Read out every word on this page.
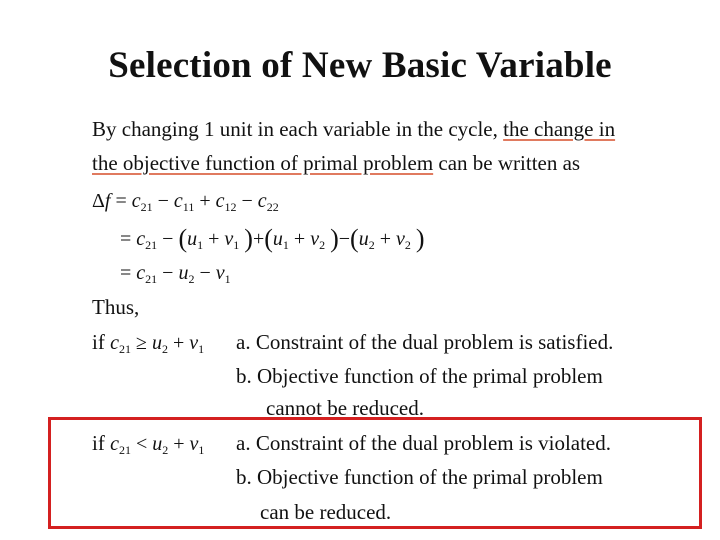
Selection of New Basic Variable
By changing 1 unit in each variable in the cycle, the change in
the objective function of primal problem can be written as
$\Delta f = c_{21} - c_{11} + c_{12} - c_{22}$
= $c_{21} - (u_1 + v_1$ )$+(u_1 + v_2$ )$-(u_2 + v_2$ )
= $c_{21} - u_2 - v_1$
Thus,
if $c_{21} \ge u_2 + v_1$ a. Constraint of the dual problem is satisfied.
b. Objective function of the primal problem
cannot be reduced.
if $c_{21} < u_2 + v_1$ a. Constraint of the dual problem is violated.
b. Objective function of the primal problem
can be reduced.
